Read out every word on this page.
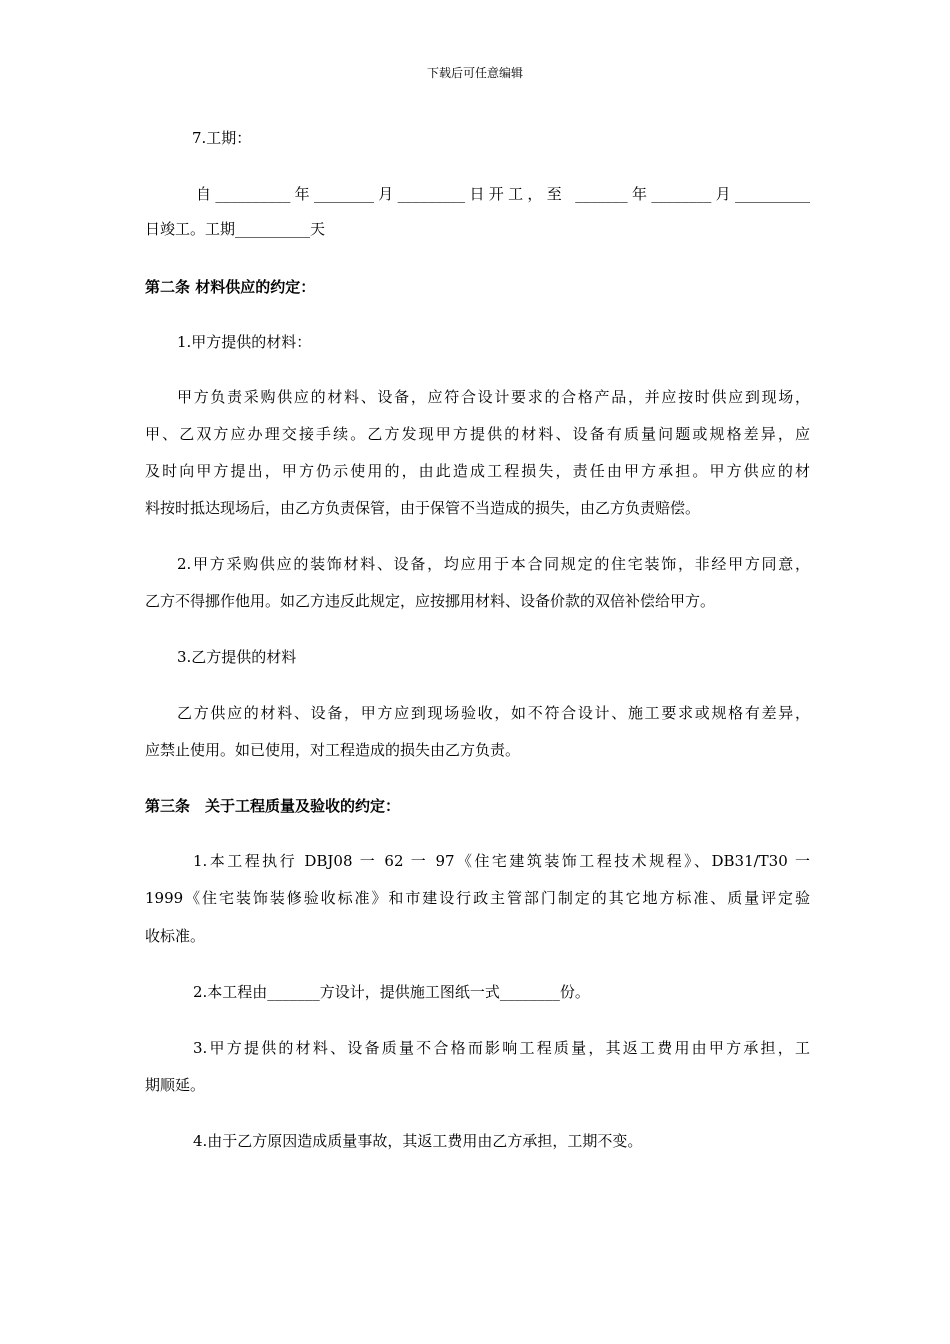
下载后可任意编辑
7.工期：
自__________年________月_________日开工，至 _______年________月__________
日竣工。工期__________天
第二条 材料供应的约定：
1.甲方提供的材料：
甲方负责采购供应的材料、设备，应符合设计要求的合格产品，并应按时供应到现场，
甲、乙双方应办理交接手续。乙方发现甲方提供的材料、设备有质量问题或规格差异，应
及时向甲方提出，甲方仍示使用的，由此造成工程损失，责任由甲方承担。甲方供应的材
料按时抵达现场后，由乙方负责保管，由于保管不当造成的损失，由乙方负责赔偿。
2.甲方采购供应的装饰材料、设备，均应用于本合同规定的住宅装饰，非经甲方同意，
乙方不得挪作他用。如乙方违反此规定，应按挪用材料、设备价款的双倍补偿给甲方。
3.乙方提供的材料
乙方供应的材料、设备，甲方应到现场验收，如不符合设计、施工要求或规格有差异，
应禁止使用。如已使用，对工程造成的损失由乙方负责。
第三条　关于工程质量及验收的约定：
1.本工程执行 DBJ08 一 62 一 97《住宅建筑装饰工程技术规程》、DB31/T30 一
1999《住宅装饰装修验收标准》和市建设行政主管部门制定的其它地方标准、质量评定验
收标准。
2.本工程由_______方设计，提供施工图纸一式________份。
3.甲方提供的材料、设备质量不合格而影响工程质量，其返工费用由甲方承担，工
期顺延。
4.由于乙方原因造成质量事故，其返工费用由乙方承担，工期不变。
